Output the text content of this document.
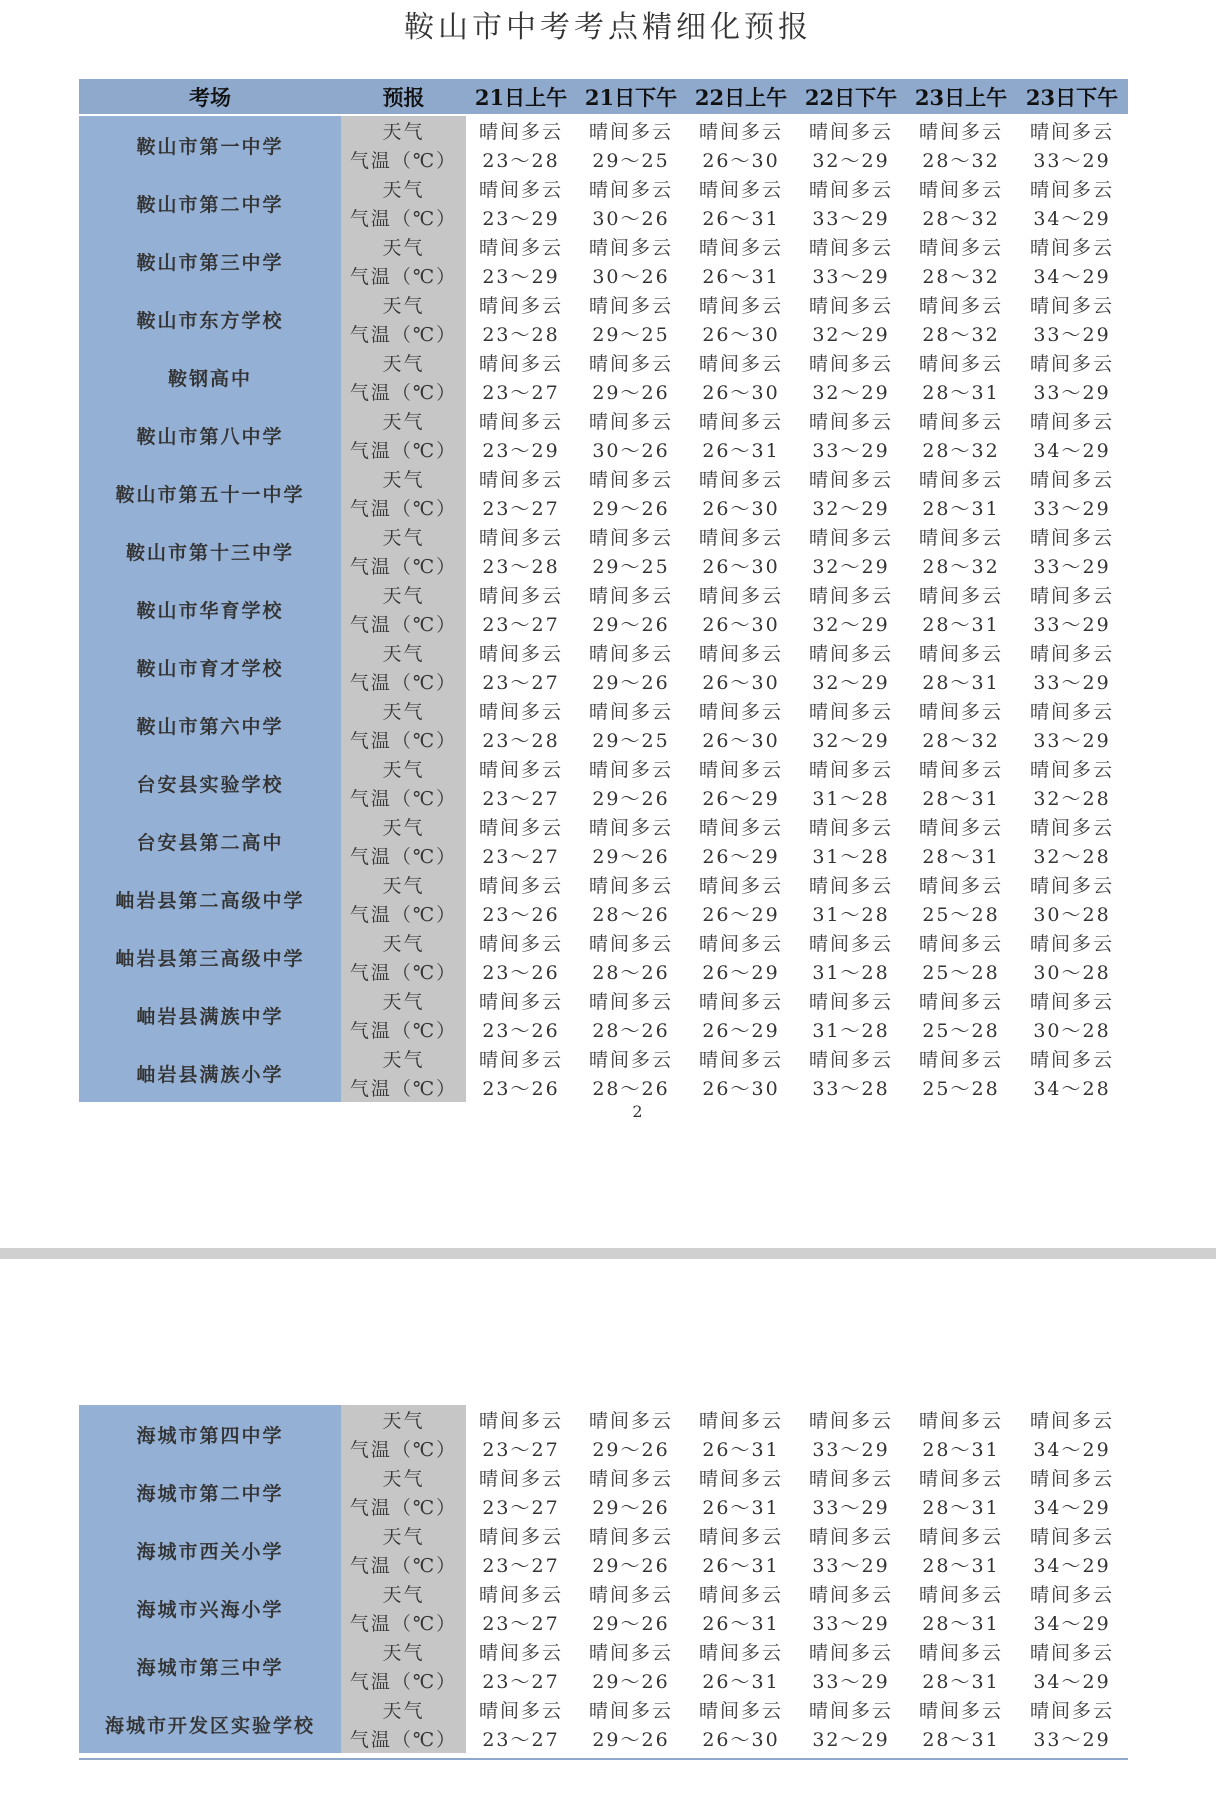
鞍山市中考考点精细化预报
考场	预报	21日上午	21日下午	22日上午	22日下午	23日上午	23日下午
鞍山市第一中学	天气	晴间多云	晴间多云	晴间多云	晴间多云	晴间多云	晴间多云
	气温（℃）	23～28	29～25	26～30	32～29	28～32	33～29
鞍山市第二中学	天气	晴间多云	晴间多云	晴间多云	晴间多云	晴间多云	晴间多云
	气温（℃）	23～29	30～26	26～31	33～29	28～32	34～29
鞍山市第三中学	天气	晴间多云	晴间多云	晴间多云	晴间多云	晴间多云	晴间多云
	气温（℃）	23～29	30～26	26～31	33～29	28～32	34～29
鞍山市东方学校	天气	晴间多云	晴间多云	晴间多云	晴间多云	晴间多云	晴间多云
	气温（℃）	23～28	29～25	26～30	32～29	28～32	33～29
鞍钢高中	天气	晴间多云	晴间多云	晴间多云	晴间多云	晴间多云	晴间多云
	气温（℃）	23～27	29～26	26～30	32～29	28～31	33～29
鞍山市第八中学	天气	晴间多云	晴间多云	晴间多云	晴间多云	晴间多云	晴间多云
	气温（℃）	23～29	30～26	26～31	33～29	28～32	34～29
鞍山市第五十一中学	天气	晴间多云	晴间多云	晴间多云	晴间多云	晴间多云	晴间多云
	气温（℃）	23～27	29～26	26～30	32～29	28～31	33～29
鞍山市第十三中学	天气	晴间多云	晴间多云	晴间多云	晴间多云	晴间多云	晴间多云
	气温（℃）	23～28	29～25	26～30	32～29	28～32	33～29
鞍山市华育学校	天气	晴间多云	晴间多云	晴间多云	晴间多云	晴间多云	晴间多云
	气温（℃）	23～27	29～26	26～30	32～29	28～31	33～29
鞍山市育才学校	天气	晴间多云	晴间多云	晴间多云	晴间多云	晴间多云	晴间多云
	气温（℃）	23～27	29～26	26～30	32～29	28～31	33～29
鞍山市第六中学	天气	晴间多云	晴间多云	晴间多云	晴间多云	晴间多云	晴间多云
	气温（℃）	23～28	29～25	26～30	32～29	28～32	33～29
台安县实验学校	天气	晴间多云	晴间多云	晴间多云	晴间多云	晴间多云	晴间多云
	气温（℃）	23～27	29～26	26～29	31～28	28～31	32～28
台安县第二高中	天气	晴间多云	晴间多云	晴间多云	晴间多云	晴间多云	晴间多云
	气温（℃）	23～27	29～26	26～29	31～28	28～31	32～28
岫岩县第二高级中学	天气	晴间多云	晴间多云	晴间多云	晴间多云	晴间多云	晴间多云
	气温（℃）	23～26	28～26	26～29	31～28	25～28	30～28
岫岩县第三高级中学	天气	晴间多云	晴间多云	晴间多云	晴间多云	晴间多云	晴间多云
	气温（℃）	23～26	28～26	26～29	31～28	25～28	30～28
岫岩县满族中学	天气	晴间多云	晴间多云	晴间多云	晴间多云	晴间多云	晴间多云
	气温（℃）	23～26	28～26	26～29	31～28	25～28	30～28
岫岩县满族小学	天气	晴间多云	晴间多云	晴间多云	晴间多云	晴间多云	晴间多云
	气温（℃）	23～26	28～26	26～30	33～28	25～28	34～28
2
海城市第四中学	天气	晴间多云	晴间多云	晴间多云	晴间多云	晴间多云	晴间多云
	气温（℃）	23～27	29～26	26～31	33～29	28～31	34～29
海城市第二中学	天气	晴间多云	晴间多云	晴间多云	晴间多云	晴间多云	晴间多云
	气温（℃）	23～27	29～26	26～31	33～29	28～31	34～29
海城市西关小学	天气	晴间多云	晴间多云	晴间多云	晴间多云	晴间多云	晴间多云
	气温（℃）	23～27	29～26	26～31	33～29	28～31	34～29
海城市兴海小学	天气	晴间多云	晴间多云	晴间多云	晴间多云	晴间多云	晴间多云
	气温（℃）	23～27	29～26	26～31	33～29	28～31	34～29
海城市第三中学	天气	晴间多云	晴间多云	晴间多云	晴间多云	晴间多云	晴间多云
	气温（℃）	23～27	29～26	26～31	33～29	28～31	34～29
海城市开发区实验学校	天气	晴间多云	晴间多云	晴间多云	晴间多云	晴间多云	晴间多云
	气温（℃）	23～27	29～26	26～30	32～29	28～31	33～29
